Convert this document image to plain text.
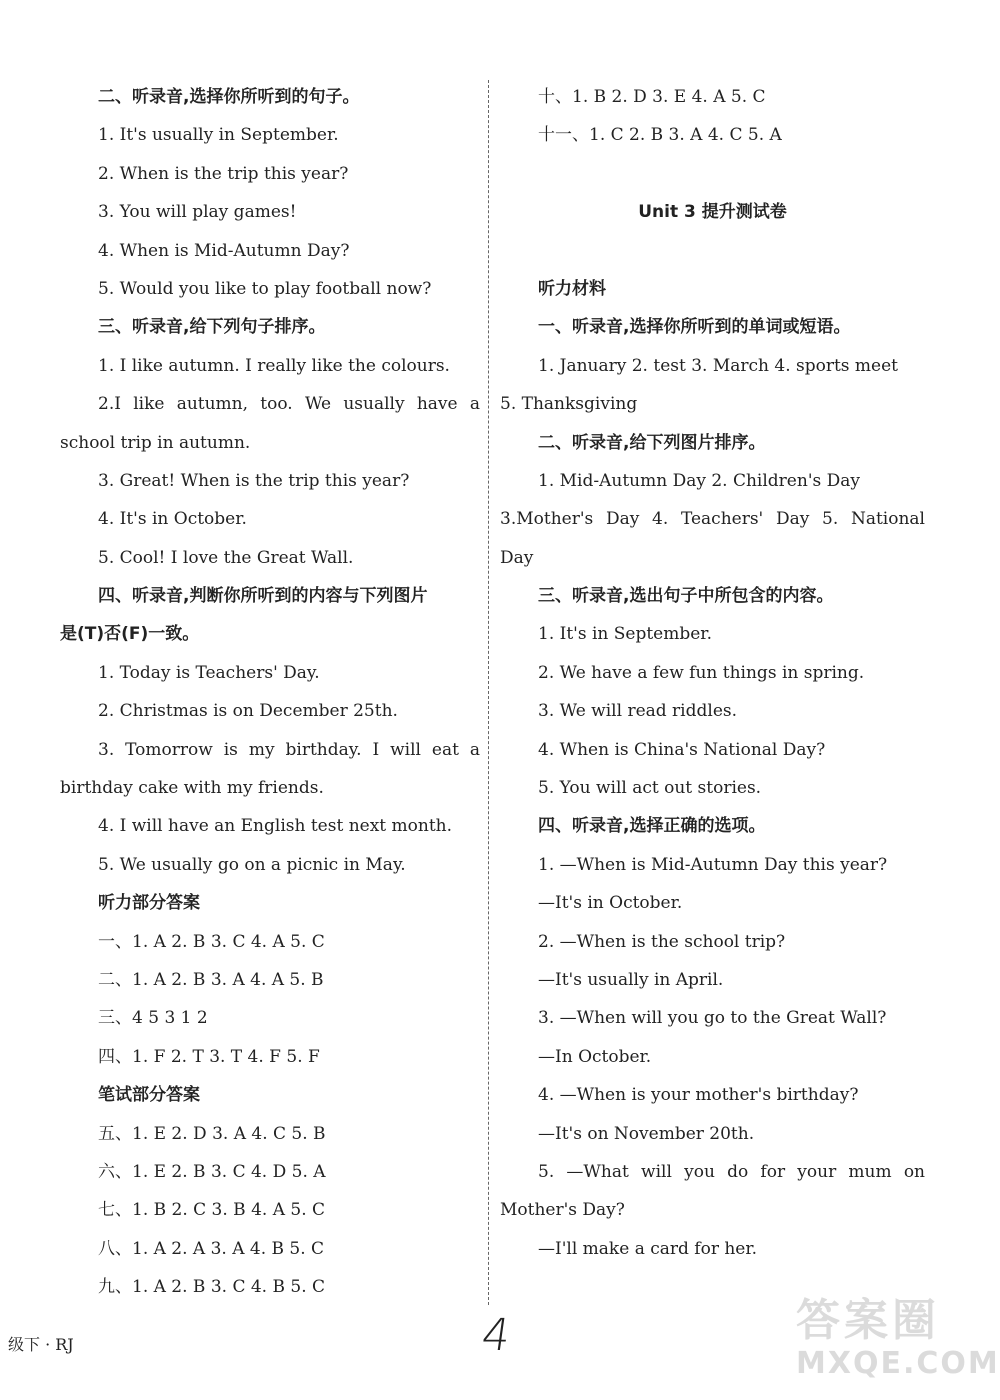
二、听录音,选择你所听到的句子。
1. It's usually in September.
2. When is the trip this year?
3. You will play games!
4. When is Mid-Autumn Day?
5. Would you like to play football now?
三、听录音,给下列句子排序。
1. I like autumn. I really like the colours.
2.I like autumn, too. We usually have a
school trip in autumn.
3. Great! When is the trip this year?
4. It's in October.
5. Cool! I love the Great Wall.
四、听录音,判断你所听到的内容与下列图片
是(T)否(F)一致。
1. Today is Teachers' Day.
2. Christmas is on December 25th.
3. Tomorrow is my birthday. I will eat a
birthday cake with my friends.
4. I will have an English test next month.
5. We usually go on a picnic in May.
听力部分答案
一、1. A 2. B 3. C 4. A 5. C
二、1. A 2. B 3. A 4. A 5. B
三、4 5 3 1 2
四、1. F 2. T 3. T 4. F 5. F
笔试部分答案
五、1. E 2. D 3. A 4. C 5. B
六、1. E 2. B 3. C 4. D 5. A
七、1. B 2. C 3. B 4. A 5. C
八、1. A 2. A 3. A 4. B 5. C
九、1. A 2. B 3. C 4. B 5. C
十、1. B 2. D 3. E 4. A 5. C
十一、1. C 2. B 3. A 4. C 5. A
Unit 3 提升测试卷
听力材料
一、听录音,选择你所听到的单词或短语。
1. January 2. test 3. March 4. sports meet
5. Thanksgiving
二、听录音,给下列图片排序。
1. Mid-Autumn Day 2. Children's Day
3.Mother's Day 4. Teachers' Day 5. National
Day
三、听录音,选出句子中所包含的内容。
1. It's in September.
2. We have a few fun things in spring.
3. We will read riddles.
4. When is China's National Day?
5. You will act out stories.
四、听录音,选择正确的选项。
1. —When is Mid-Autumn Day this year?
—It's in October.
2. —When is the school trip?
—It's usually in April.
3. —When will you go to the Great Wall?
—In October.
4. —When is your mother's birthday?
—It's on November 20th.
5. —What will you do for your mum on
Mother's Day?
—I'll make a card for her.
级下 · RJ	4	答案圈
MXQE.COM
